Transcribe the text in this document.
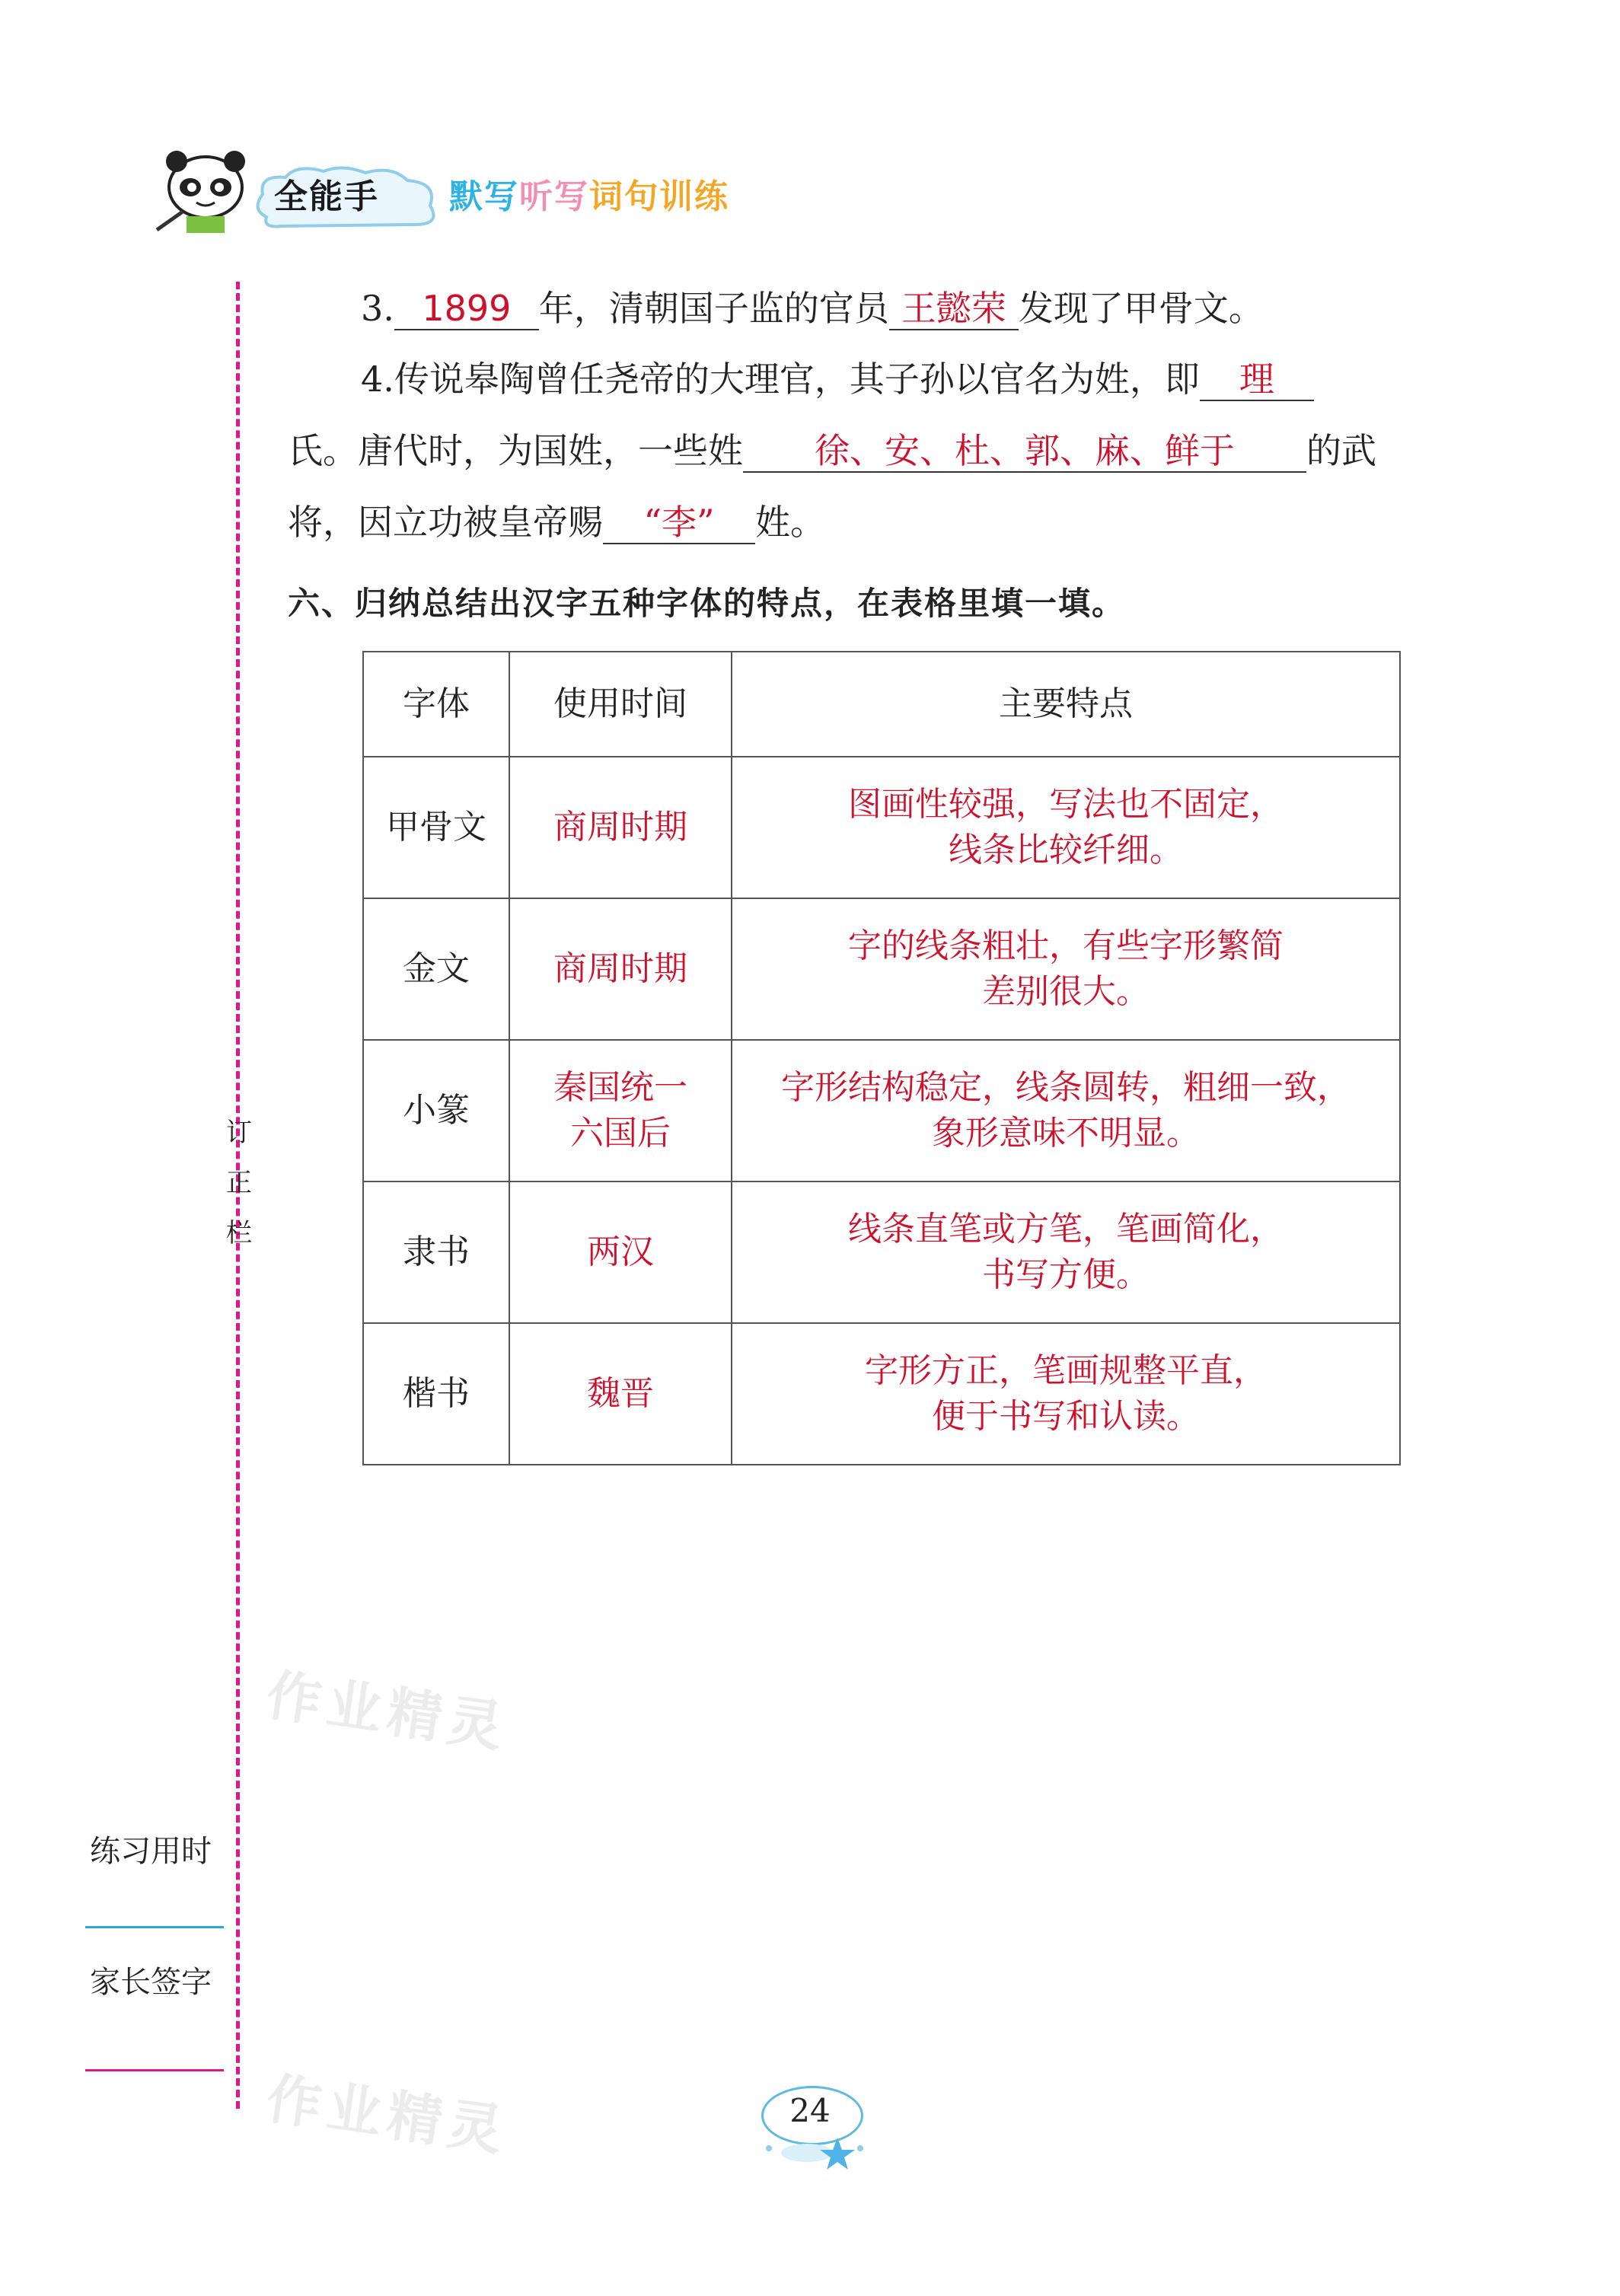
全能手 默写听写词句训练
订
正
栏
练习用时
家长签字
3. 1899 年，清朝国子监的官员 王懿荣 发现了甲骨文。
4.传说皋陶曾任尧帝的大理官，其子孙以官名为姓，即 理
氏。唐代时，为国姓，一些姓 徐、安、杜、郭、麻、鲜于 的武
将，因立功被皇帝赐 “李” 姓。
六、归纳总结出汉字五种字体的特点，在表格里填一填。
字体	使用时间	主要特点
甲骨文	商周时期	图画性较强，写法也不固定，
线条比较纤细。

金文	商周时期	字的线条粗壮，有些字形繁简
差别很大。

小篆	秦国统一
六国后	字形结构稳定，线条圆转，粗细一致，
象形意味不明显。

隶书	两汉	线条直笔或方笔，笔画简化，
书写方便。

楷书	魏晋	字形方正，笔画规整平直，
便于书写和认读。
作业精灵
作业精灵	24
